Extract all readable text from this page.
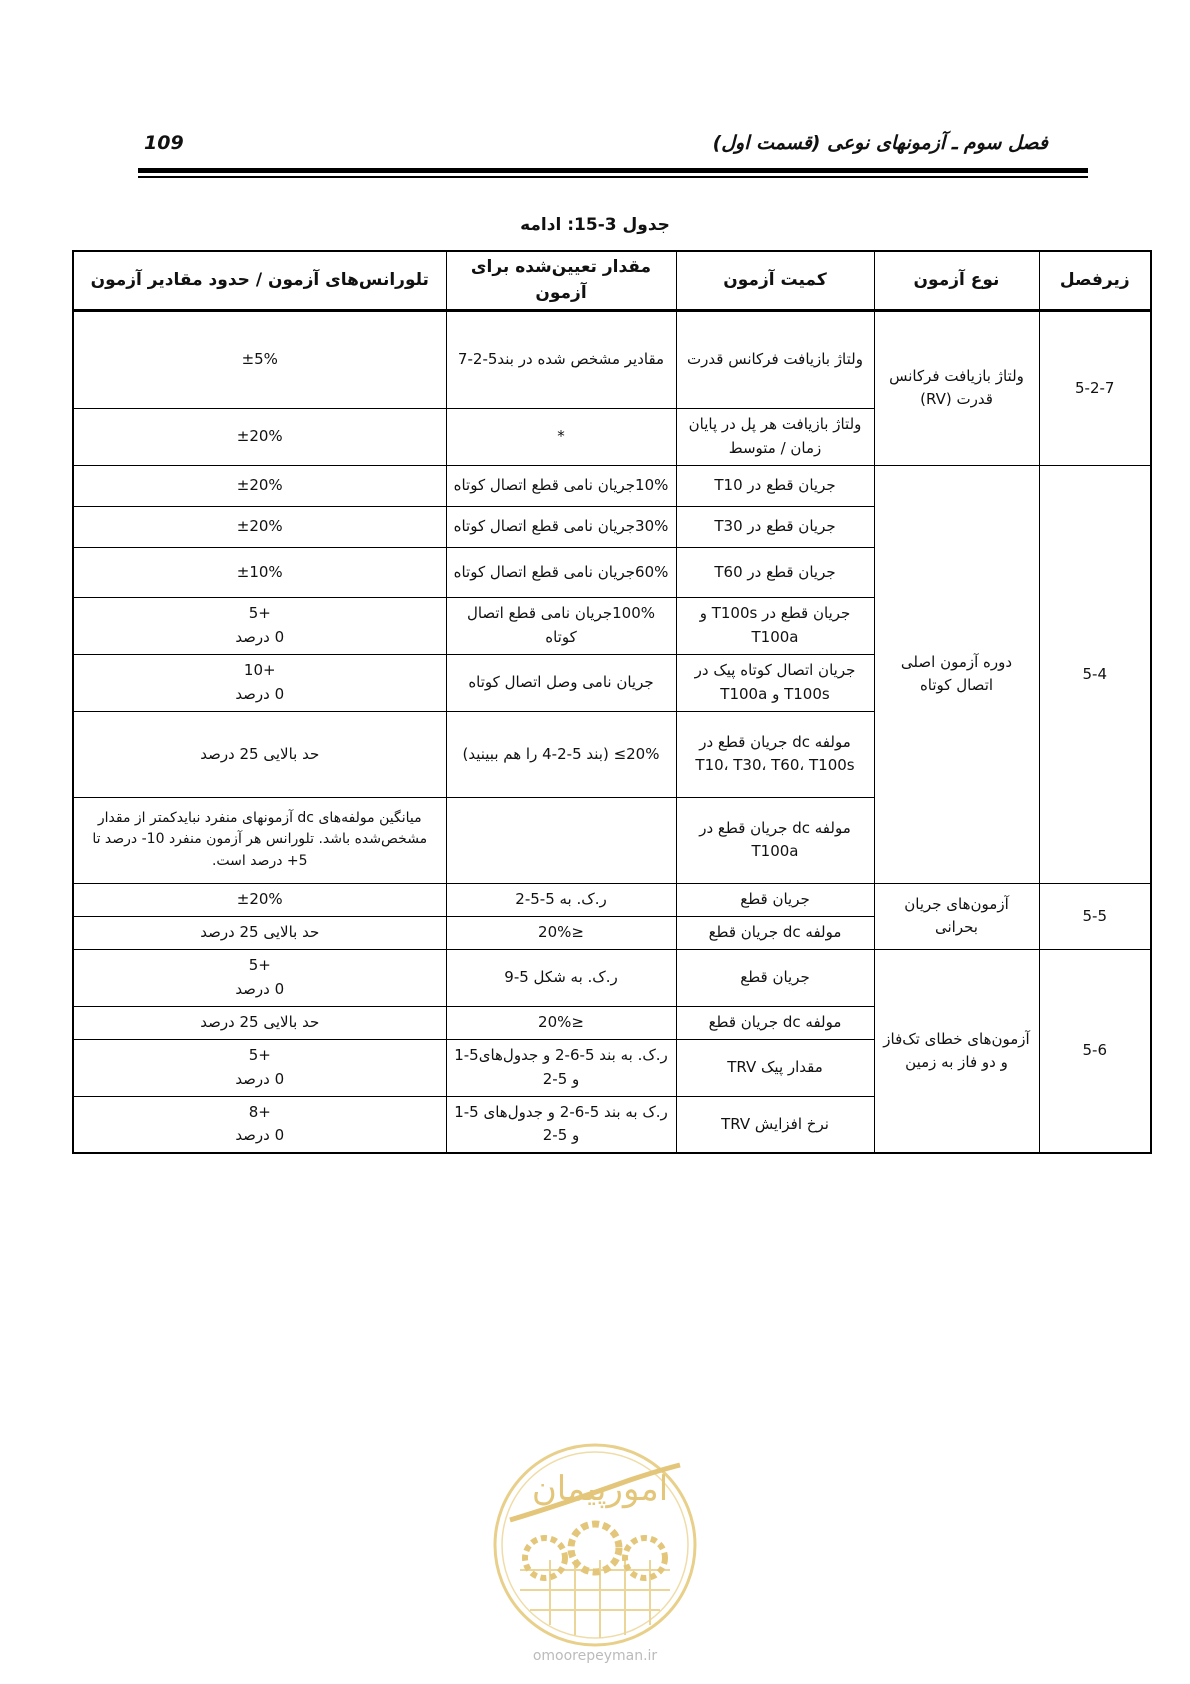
109	فصل سوم ـ آزمونهای نوعی (قسمت اول)
جدول 3-15: ادامه
زیرفصل	نوع آزمون	کمیت آزمون	مقدار تعیین‌شده برای آزمون	تلورانس‌های آزمون / حدود مقادیر آزمون
5-2-7	ولتاژ بازیافت فرکانس قدرت (RV)	ولتاژ بازیافت فرکانس قدرت	مقادیر مشخص شده در بند5-2-7	±5%
		ولتاژ بازیافت هر پل در پایان زمان / متوسط	*	±20%
5-4	دوره آزمون اصلی اتصال کوتاه	جریان قطع در T10	10%جریان نامی قطع اتصال کوتاه	±20%
		جریان قطع در T30	30%جریان نامی قطع اتصال کوتاه	±20%
		جریان قطع در T60	60%جریان نامی قطع اتصال کوتاه	±10%
		جریان قطع در T100s و T100a	100%جریان نامی قطع اتصال کوتاه	+5
0 درصد

		جریان اتصال کوتاه پیک در T100s و T100a	جریان نامی وصل اتصال کوتاه	+10
0 درصد

		مولفه dc جریان قطع در T10، T30، T60، T100s	20%≥ (بند 5-2-4 را هم ببینید)	حد بالایی 25 درصد
		مولفه dc جریان قطع در T100a		میانگین مولفه‌های dc آزمونهای منفرد نبایدکمتر از مقدار مشخص‌شده باشد. تلورانس هر آزمون منفرد 10- درصد تا 5+ درصد است.
5-5	آزمون‌های جریان بحرانی	جریان قطع	ر.ک. به 5-5-2	±20%
		مولفه dc جریان قطع	≤20%	حد بالایی 25 درصد
5-6	آزمون‌های خطای تک‌فاز و دو فاز به زمین	جریان قطع	ر.ک. به شکل 5-9	+5
0 درصد

		مولفه dc جریان قطع	≤20%	حد بالایی 25 درصد
		مقدار پیک TRV	ر.ک. به بند 5-6-2 و جدول‌های5-1 و 5-2	+5
0 درصد

		نرخ افزایش TRV	ر.ک به بند 5-6-2 و جدول‌های 5-1 و 5-2	+8
0 درصد
امورپیمان
omoorepeyman.ir
